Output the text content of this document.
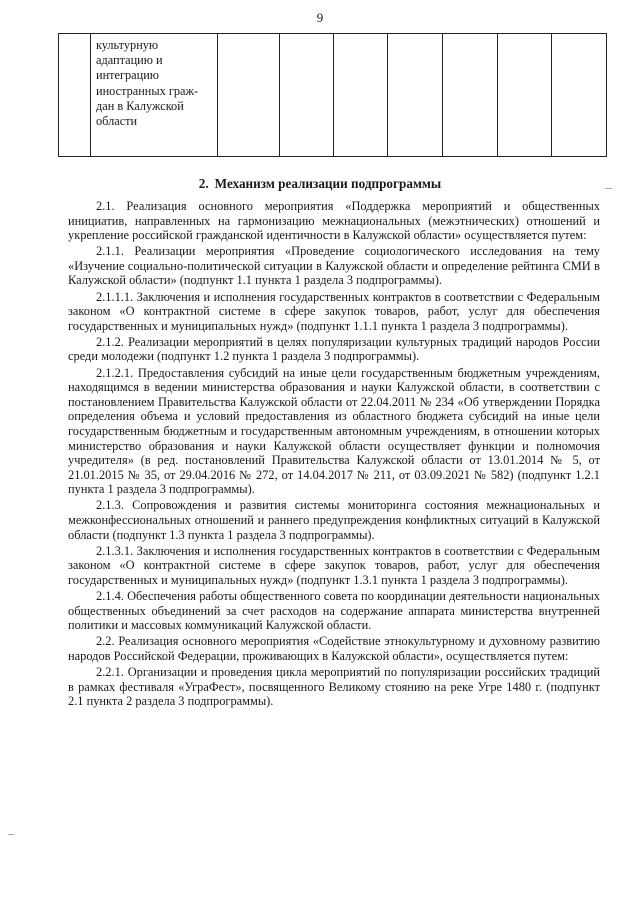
9

культурную
адаптацию и
интеграцию
иностранных граж-
дан в Калужской
области

2. Механизм реализации подпрограммы

2.1. Реализация основного мероприятия «Поддержка мероприятий и общественных инициатив, направленных на гармонизацию межнациональных (межэтнических) отношений и укрепление российской гражданской идентичности в Калужской области» осуществляется путем:

2.1.1. Реализации мероприятия «Проведение социологического исследования на тему «Изучение социально-политической ситуации в Калужской области и определение рейтинга СМИ в Калужской области» (подпункт 1.1 пункта 1 раздела 3 подпрограммы).

2.1.1.1. Заключения и исполнения государственных контрактов в соответствии с Федеральным законом «О контрактной системе в сфере закупок товаров, работ, услуг для обеспечения государственных и муниципальных нужд» (подпункт 1.1.1 пункта 1 раздела 3 подпрограммы).

2.1.2. Реализации мероприятий в целях популяризации культурных традиций народов России среди молодежи (подпункт 1.2 пункта 1 раздела 3 подпрограммы).

2.1.2.1. Предоставления субсидий на иные цели государственным бюджетным учреждениям, находящимся в ведении министерства образования и науки Калужской области, в соответствии с постановлением Правительства Калужской области от 22.04.2011 № 234 «Об утверждении Порядка определения объема и условий предоставления из областного бюджета субсидий на иные цели государственным бюджетным и государственным автономным учреждениям, в отношении которых министерство образования и науки Калужской области осуществляет функции и полномочия учредителя» (в ред. постановлений Правительства Калужской области от 13.01.2014 № 5, от 21.01.2015 № 35, от 29.04.2016 № 272, от 14.04.2017 № 211, от 03.09.2021 № 582) (подпункт 1.2.1 пункта 1 раздела 3 подпрограммы).

2.1.3. Сопровождения и развития системы мониторинга состояния межнациональных и межконфессиональных отношений и раннего предупреждения конфликтных ситуаций в Калужской области (подпункт 1.3 пункта 1 раздела 3 подпрограммы).

2.1.3.1. Заключения и исполнения государственных контрактов в соответствии с Федеральным законом «О контрактной системе в сфере закупок товаров, работ, услуг для обеспечения государственных и муниципальных нужд» (подпункт 1.3.1 пункта 1 раздела 3 подпрограммы).

2.1.4. Обеспечения работы общественного совета по координации деятельности национальных общественных объединений за счет расходов на содержание аппарата министерства внутренней политики и массовых коммуникаций Калужской области.

2.2. Реализация основного мероприятия «Содействие этнокультурному и духовному развитию народов Российской Федерации, проживающих в Калужской области», осуществляется путем:

2.2.1. Организации и проведения цикла мероприятий по популяризации российских традиций в рамках фестиваля «УграФест», посвященного Великому стоянию на реке Угре 1480 г. (подпункт 2.1 пункта 2 раздела 3 подпрограммы).
